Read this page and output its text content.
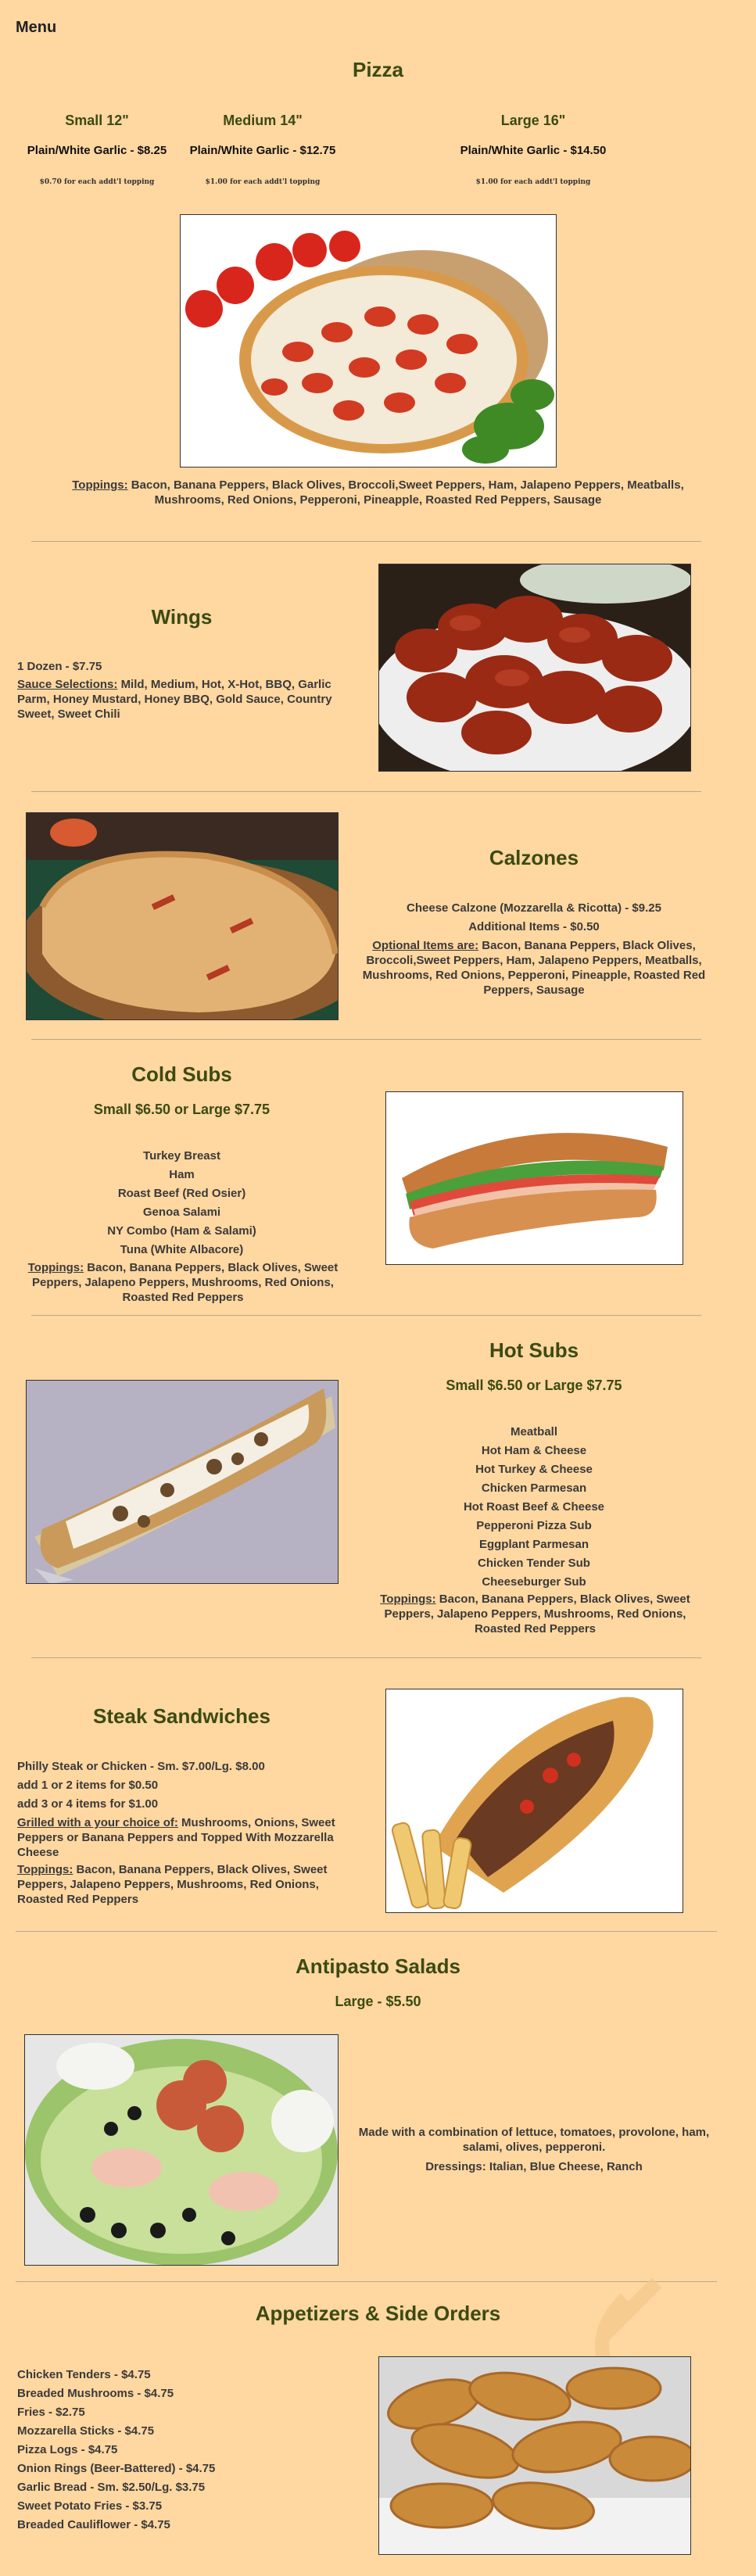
Menu
Pizza
Small 12"	Medium 14"	Large 16"
Plain/White Garlic - $8.25	Plain/White Garlic - $12.75	Plain/White Garlic - $14.50
$0.70 for each addt'l topping	$1.00 for each addt'l topping	$1.00 for each addt'l topping
Toppings: Bacon, Banana Peppers, Black Olives, Broccoli,Sweet Peppers, Ham, Jalapeno Peppers, Meatballs, Mushrooms, Red Onions, Pepperoni, Pineapple, Roasted Red Peppers, Sausage
Wings
1 Dozen - $7.75
Sauce Selections: Mild, Medium, Hot, X-Hot, BBQ, Garlic Parm, Honey Mustard, Honey BBQ, Gold Sauce, Country Sweet, Sweet Chili
Calzones
Cheese Calzone (Mozzarella & Ricotta) - $9.25
Additional Items - $0.50
Optional Items are: Bacon, Banana Peppers, Black Olives, Broccoli,Sweet Peppers, Ham, Jalapeno Peppers, Meatballs, Mushrooms, Red Onions, Pepperoni, Pineapple, Roasted Red Peppers, Sausage
Cold Subs
Small $6.50 or Large $7.75
Turkey Breast
Ham
Roast Beef (Red Osier)
Genoa Salami
NY Combo (Ham & Salami)
Tuna (White Albacore)
Toppings: Bacon, Banana Peppers, Black Olives, Sweet Peppers, Jalapeno Peppers, Mushrooms, Red Onions, Roasted Red Peppers
Hot Subs
Small $6.50 or Large $7.75
Meatball
Hot Ham & Cheese
Hot Turkey & Cheese
Chicken Parmesan
Hot Roast Beef & Cheese
Pepperoni Pizza Sub
Eggplant Parmesan
Chicken Tender Sub
Cheeseburger Sub
Toppings: Bacon, Banana Peppers, Black Olives, Sweet Peppers, Jalapeno Peppers, Mushrooms, Red Onions, Roasted Red Peppers
Steak Sandwiches
Philly Steak or Chicken - Sm. $7.00/Lg. $8.00
add 1 or 2 items for $0.50
add 3 or 4 items for $1.00
Grilled with a your choice of: Mushrooms, Onions, Sweet Peppers or Banana Peppers and Topped With Mozzarella Cheese
Toppings: Bacon, Banana Peppers, Black Olives, Sweet Peppers, Jalapeno Peppers, Mushrooms, Red Onions, Roasted Red Peppers
Antipasto Salads
Large - $5.50
Made with a combination of lettuce, tomatoes, provolone, ham, salami, olives, pepperoni.
Dressings: Italian, Blue Cheese, Ranch
Appetizers & Side Orders
Chicken Tenders - $4.75
Breaded Mushrooms - $4.75
Fries - $2.75
Mozzarella Sticks - $4.75
Pizza Logs - $4.75
Onion Rings (Beer-Battered) - $4.75
Garlic Bread - Sm. $2.50/Lg. $3.75
Sweet Potato Fries - $3.75
Breaded Cauliflower - $4.75
